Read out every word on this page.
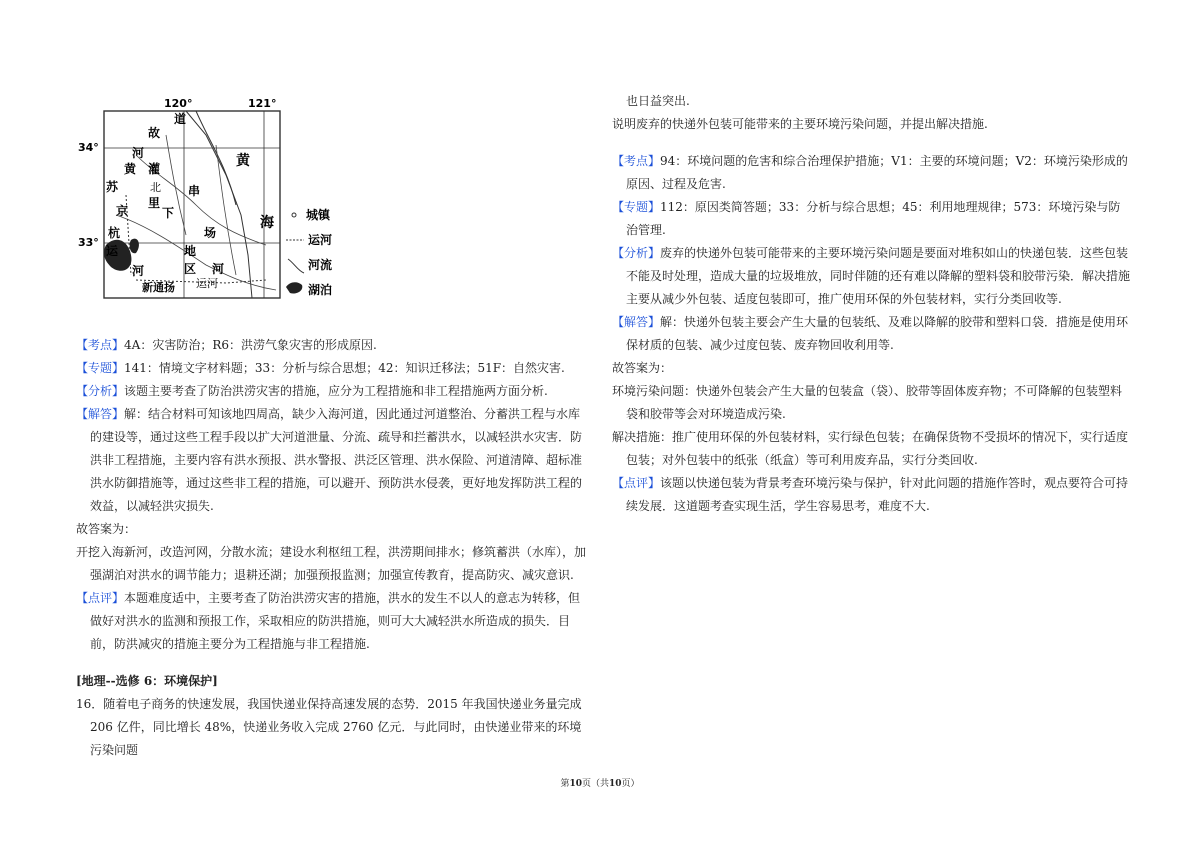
120°	121°
34°
33°
故
道
河
黄 灌
北
苏
里
京	下
杭
运
河
新通扬 运河
地
区
黄
海
串
场
河
城镇
运河
河流
湖泊

【考点】4A：灾害防治；R6：洪涝气象灾害的形成原因.

【专题】141：情境文字材料题；33：分析与综合思想；42：知识迁移法；51F：自然灾害.

【分析】该题主要考查了防治洪涝灾害的措施，应分为工程措施和非工程措施两方面分析.

【解答】解：结合材料可知该地四周高，缺少入海河道，因此通过河道整治、分蓄洪工程与水库的建设等，通过这些工程手段以扩大河道泄量、分流、疏导和拦蓄洪水，以减轻洪水灾害．防洪非工程措施，主要内容有洪水预报、洪水警报、洪泛区管理、洪水保险、河道清障、超标准洪水防御措施等，通过这些非工程的措施，可以避开、预防洪水侵袭，更好地发挥防洪工程的效益，以减轻洪灾损失.

故答案为：

开挖入海新河，改造河网，分散水流；建设水利枢纽工程，洪涝期间排水；修筑蓄洪（水库），加强湖泊对洪水的调节能力；退耕还湖；加强预报监测；加强宣传教育，提高防灾、减灾意识.

【点评】本题难度适中，主要考查了防治洪涝灾害的措施，洪水的发生不以人的意志为转移，但做好对洪水的监测和预报工作，采取相应的防洪措施，则可大大减轻洪水所造成的损失．目前，防洪减灾的措施主要分为工程措施与非工程措施.

[地理--选修 6：环境保护]

16．随着电子商务的快速发展，我国快递业保持高速发展的态势．2015 年我国快递业务量完成 206 亿件，同比增长 48%，快递业务收入完成 2760 亿元．与此同时，由快递业带来的环境污染问题

也日益突出.

说明废弃的快递外包装可能带来的主要环境污染问题，并提出解决措施.

【考点】94：环境问题的危害和综合治理保护措施；V1：主要的环境问题；V2：环境污染形成的原因、过程及危害.

【专题】112：原因类简答题；33：分析与综合思想；45：利用地理规律；573：环境污染与防治管理.

【分析】废弃的快递外包装可能带来的主要环境污染问题是要面对堆积如山的快递包装．这些包装不能及时处理，造成大量的垃圾堆放，同时伴随的还有难以降解的塑料袋和胶带污染．解决措施主要从减少外包装、适度包装即可，推广使用环保的外包装材料，实行分类回收等.

【解答】解：快递外包装主要会产生大量的包装纸、及难以降解的胶带和塑料口袋．措施是使用环保材质的包装、减少过度包装、废弃物回收利用等.

故答案为：

环境污染问题：快递外包装会产生大量的包装盒（袋）、胶带等固体废弃物；不可降解的包装塑料袋和胶带等会对环境造成污染.

解决措施：推广使用环保的外包装材料，实行绿色包装；在确保货物不受损坏的情况下，实行适度包装；对外包装中的纸张（纸盒）等可利用废弃品，实行分类回收.

【点评】该题以快递包装为背景考查环境污染与保护，针对此问题的措施作答时，观点要符合可持续发展．这道题考查实现生活，学生容易思考，难度不大.

第10页（共10页）
